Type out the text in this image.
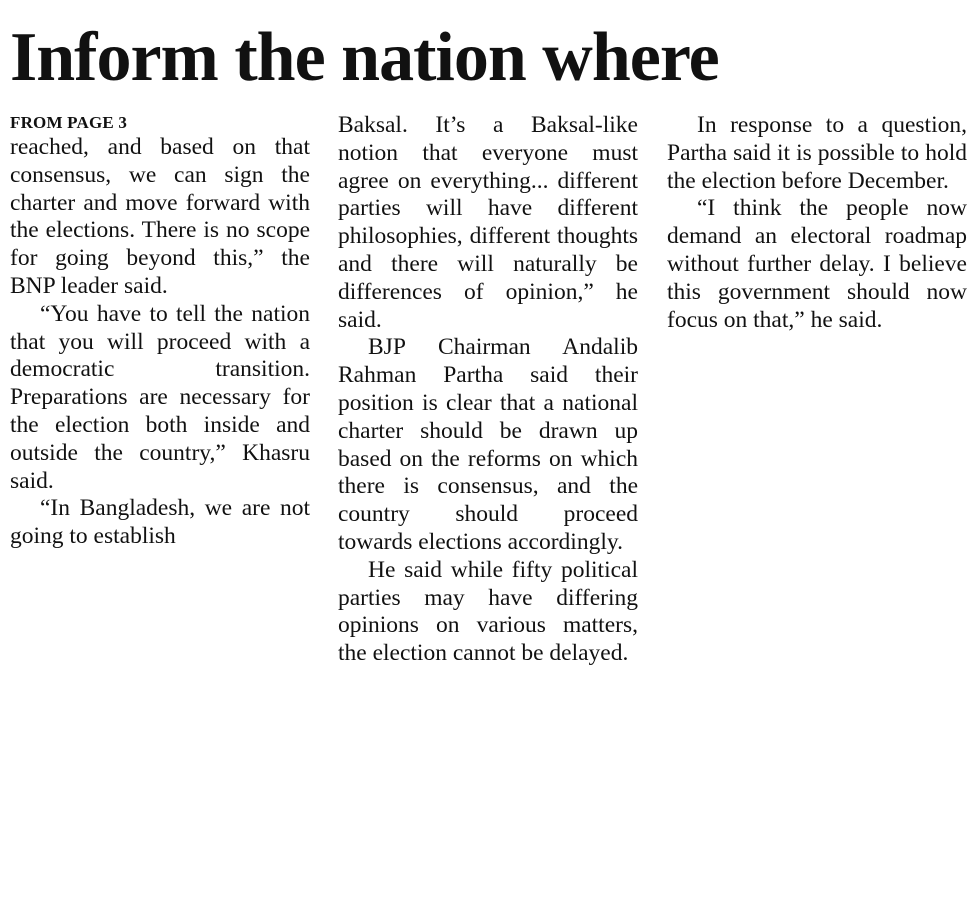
Inform the nation where
FROM PAGE 3

reached, and based on that consensus, we can sign the charter and move forward with the elections. There is no scope for going beyond this,” the BNP leader said.

“You have to tell the nation that you will proceed with a democratic transition. Preparations are necessary for the election both inside and outside the country,” Khasru said.

“In Bangladesh, we are not going to establish

Baksal. It’s a Baksal-like notion that everyone must agree on everything... different parties will have different philosophies, different thoughts and there will naturally be differences of opinion,” he said.

BJP Chairman Andalib Rahman Partha said their position is clear that a national charter should be drawn up based on the reforms on which there is consensus, and the country should proceed towards elections accordingly.

He said while fifty political parties may have differing opinions on various matters, the election cannot be delayed.

In response to a question, Partha said it is possible to hold the election before December.

“I think the people now demand an electoral roadmap without further delay. I believe this government should now focus on that,” he said.
